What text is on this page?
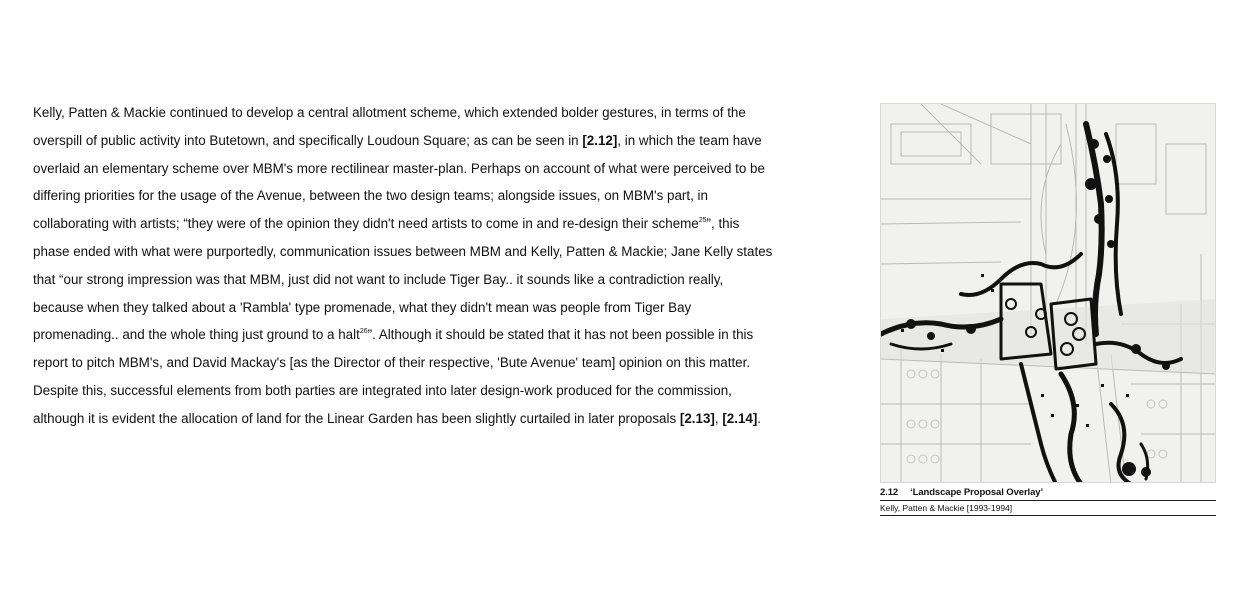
Kelly, Patten & Mackie continued to develop a central allotment scheme, which extended bolder gestures, in terms of the
overspill of public activity into Butetown, and specifically Loudoun Square; as can be seen in [2.12], in which the team have
overlaid an elementary scheme over MBM's more rectilinear master-plan. Perhaps on account of what were perceived to be
differing priorities for the usage of the Avenue, between the two design teams; alongside issues, on MBM's part, in
collaborating with artists; “they were of the opinion they didn't need artists to come in and re-design their scheme$^{25}$”, this
phase ended with what were purportedly, communication issues between MBM and Kelly, Patten & Mackie; Jane Kelly states
that “our strong impression was that MBM, just did not want to include Tiger Bay.. it sounds like a contradiction really,
because when they talked about a 'Rambla' type promenade, what they didn't mean was people from Tiger Bay
promenading.. and the whole thing just ground to a halt$^{26}$”. Although it should be stated that it has not been possible in this
report to pitch MBM's, and David Mackay's [as the Director of their respective, 'Bute Avenue' team] opinion on this matter.
Despite this, successful elements from both parties are integrated into later design-work produced for the commission,
although it is evident the allocation of land for the Linear Garden has been slightly curtailed in later proposals [2.13], [2.14].

2.12 ‘Landscape Proposal Overlay’
Kelly, Patten & Mackie [1993-1994]
